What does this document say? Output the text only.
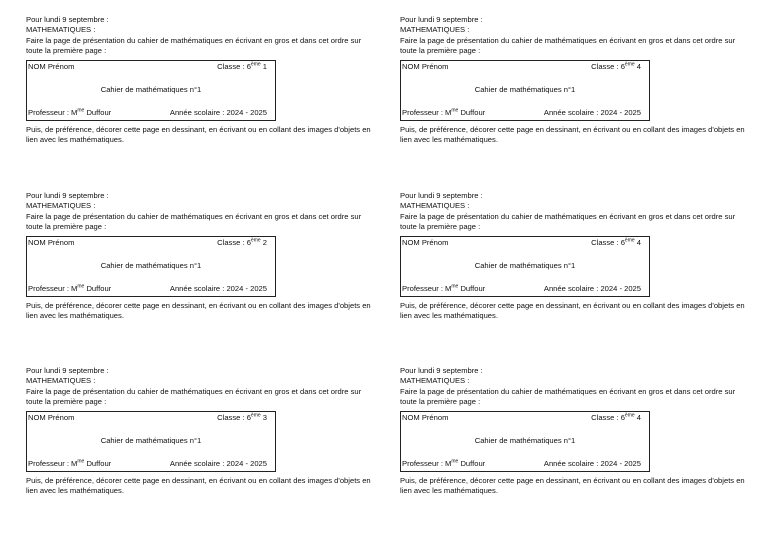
Pour lundi 9 septembre :
MATHEMATIQUES :
Faire la page de présentation du cahier de mathématiques en écrivant en gros et dans cet ordre sur toute la première page :
NOM Prénom	Classe : 6ème 1
Cahier de mathématiques n°1
Professeur : $M^{me}$ Duffour	Année scolaire : 2024 - 2025
Puis, de préférence, décorer cette page en dessinant, en écrivant ou en collant des images d'objets en lien avec les mathématiques.
Pour lundi 9 septembre :
MATHEMATIQUES :
Faire la page de présentation du cahier de mathématiques en écrivant en gros et dans cet ordre sur toute la première page :
NOM Prénom	Classe : 6ème 4
Cahier de mathématiques n°1
Professeur : $M^{me}$ Duffour	Année scolaire : 2024 - 2025
Puis, de préférence, décorer cette page en dessinant, en écrivant ou en collant des images d'objets en lien avec les mathématiques.
Pour lundi 9 septembre :
MATHEMATIQUES :
Faire la page de présentation du cahier de mathématiques en écrivant en gros et dans cet ordre sur toute la première page :
NOM Prénom	Classe : 6ème 2
Cahier de mathématiques n°1
Professeur : $M^{me}$ Duffour	Année scolaire : 2024 - 2025
Puis, de préférence, décorer cette page en dessinant, en écrivant ou en collant des images d'objets en lien avec les mathématiques.
Pour lundi 9 septembre :
MATHEMATIQUES :
Faire la page de présentation du cahier de mathématiques en écrivant en gros et dans cet ordre sur toute la première page :
NOM Prénom	Classe : 6ème 4
Cahier de mathématiques n°1
Professeur : $M^{me}$ Duffour	Année scolaire : 2024 - 2025
Puis, de préférence, décorer cette page en dessinant, en écrivant ou en collant des images d'objets en lien avec les mathématiques.
Pour lundi 9 septembre :
MATHEMATIQUES :
Faire la page de présentation du cahier de mathématiques en écrivant en gros et dans cet ordre sur toute la première page :
NOM Prénom	Classe : 6ème 3
Cahier de mathématiques n°1
Professeur : $M^{me}$ Duffour	Année scolaire : 2024 - 2025
Puis, de préférence, décorer cette page en dessinant, en écrivant ou en collant des images d'objets en lien avec les mathématiques.
Pour lundi 9 septembre :
MATHEMATIQUES :
Faire la page de présentation du cahier de mathématiques en écrivant en gros et dans cet ordre sur toute la première page :
NOM Prénom	Classe : 6ème 4
Cahier de mathématiques n°1
Professeur : $M^{me}$ Duffour	Année scolaire : 2024 - 2025
Puis, de préférence, décorer cette page en dessinant, en écrivant ou en collant des images d'objets en lien avec les mathématiques.
